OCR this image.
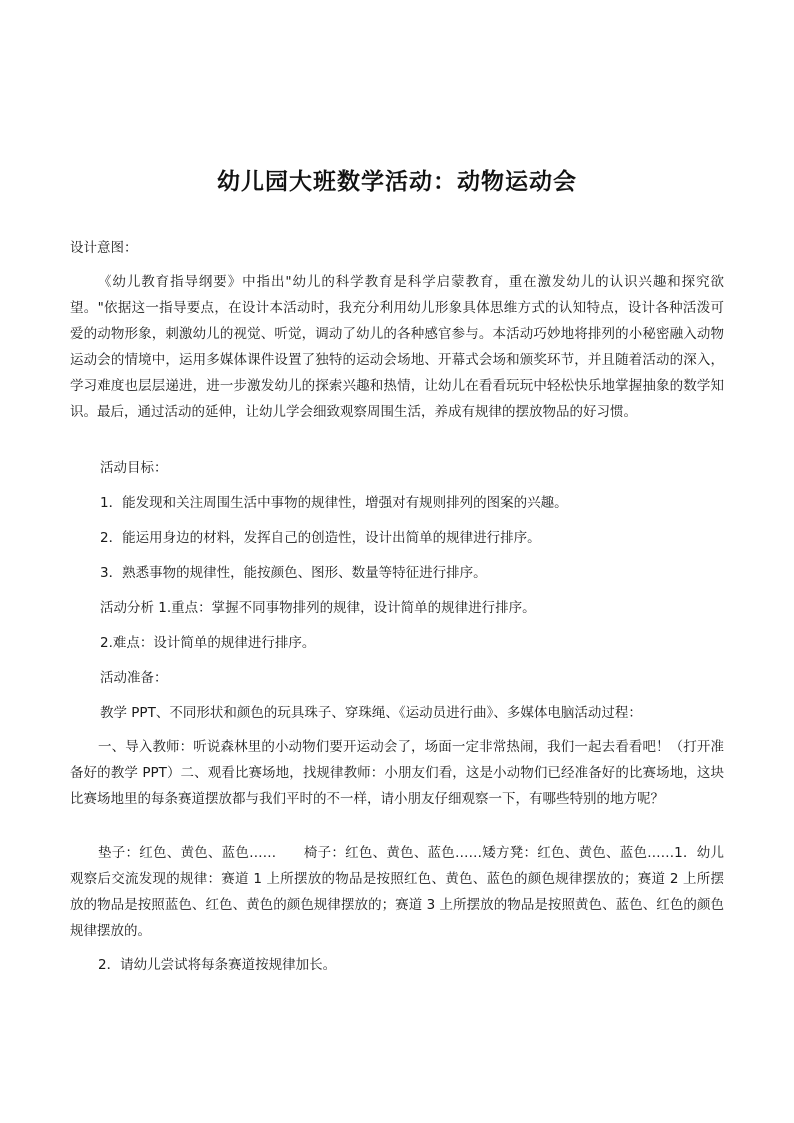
幼儿园大班数学活动：动物运动会

设计意图：

《幼儿教育指导纲要》中指出"幼儿的科学教育是科学启蒙教育，重在激发幼儿的认识兴趣和探究欲望。"依据这一指导要点，在设计本活动时，我充分利用幼儿形象具体思维方式的认知特点，设计各种活泼可爱的动物形象，刺激幼儿的视觉、听觉，调动了幼儿的各种感官参与。本活动巧妙地将排列的小秘密融入动物运动会的情境中，运用多媒体课件设置了独特的运动会场地、开幕式会场和颁奖环节，并且随着活动的深入，学习难度也层层递进，进一步激发幼儿的探索兴趣和热情，让幼儿在看看玩玩中轻松快乐地掌握抽象的数学知识。最后，通过活动的延伸，让幼儿学会细致观察周围生活，养成有规律的摆放物品的好习惯。

活动目标：

1．能发现和关注周围生活中事物的规律性，增强对有规则排列的图案的兴趣。

2．能运用身边的材料，发挥自己的创造性，设计出简单的规律进行排序。

3．熟悉事物的规律性，能按颜色、图形、数量等特征进行排序。

活动分析 1.重点：掌握不同事物排列的规律，设计简单的规律进行排序。

2.难点：设计简单的规律进行排序。

活动准备：

教学 PPT、不同形状和颜色的玩具珠子、穿珠绳、《运动员进行曲》、多媒体电脑活动过程：

一、导入教师：听说森林里的小动物们要开运动会了，场面一定非常热闹，我们一起去看看吧！（打开准备好的教学 PPT）二、观看比赛场地，找规律教师：小朋友们看，这是小动物们已经准备好的比赛场地，这块比赛场地里的每条赛道摆放都与我们平时的不一样，请小朋友仔细观察一下，有哪些特别的地方呢？

垫子：红色、黄色、蓝色……　　椅子：红色、黄色、蓝色……矮方凳：红色、黄色、蓝色……1．幼儿观察后交流发现的规律：赛道 1 上所摆放的物品是按照红色、黄色、蓝色的颜色规律摆放的；赛道 2 上所摆放的物品是按照蓝色、红色、黄色的颜色规律摆放的；赛道 3 上所摆放的物品是按照黄色、蓝色、红色的颜色规律摆放的。

2．请幼儿尝试将每条赛道按规律加长。
